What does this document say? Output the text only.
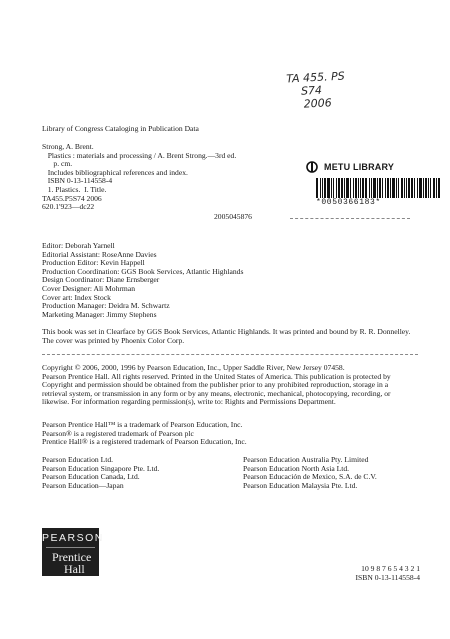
TA 455. PS
S74
2006
METU LIBRARY
*0050366183*
Library of Congress Cataloging in Publication Data
Strong, A. Brent.
Plastics : materials and processing / A. Brent Strong.—3rd ed.
p. cm.
Includes bibliographical references and index.
ISBN 0-13-114558-4
1. Plastics.  I. Title.
TA455.P5S74 2006
620.1'923—dc22
2005045876
Editor: Deborah Yarnell
Editorial Assistant: RoseAnne Davies
Production Editor: Kevin Happell
Production Coordination: GGS Book Services, Atlantic Highlands
Design Coordinator: Diane Ernsberger
Cover Designer: Ali Mohrman
Cover art: Index Stock
Production Manager: Deidra M. Schwartz
Marketing Manager: Jimmy Stephens
This book was set in Clearface by GGS Book Services, Atlantic Highlands. It was printed and bound by R. R. Donnelley.
The cover was printed by Phoenix Color Corp.
Copyright © 2006, 2000, 1996 by Pearson Education, Inc., Upper Saddle River, New Jersey 07458.
Pearson Prentice Hall. All rights reserved. Printed in the United States of America. This publication is protected by
Copyright and permission should be obtained from the publisher prior to any prohibited reproduction, storage in a
retrieval system, or transmission in any form or by any means, electronic, mechanical, photocopying, recording, or
likewise. For information regarding permission(s), write to: Rights and Permissions Department.
Pearson Prentice Hall™ is a trademark of Pearson Education, Inc.
Pearson® is a registered trademark of Pearson plc
Prentice Hall® is a registered trademark of Pearson Education, Inc.
Pearson Education Ltd.
Pearson Education Singapore Pte. Ltd.
Pearson Education Canada, Ltd.
Pearson Education—Japan
Pearson Education Australia Pty. Limited
Pearson Education North Asia Ltd.
Pearson Educación de Mexico, S.A. de C.V.
Pearson Education Malaysia Pte. Ltd.
PEARSON
Prentice
Hall	10 9 8 7 6 5 4 3 2 1
ISBN 0-13-114558-4
